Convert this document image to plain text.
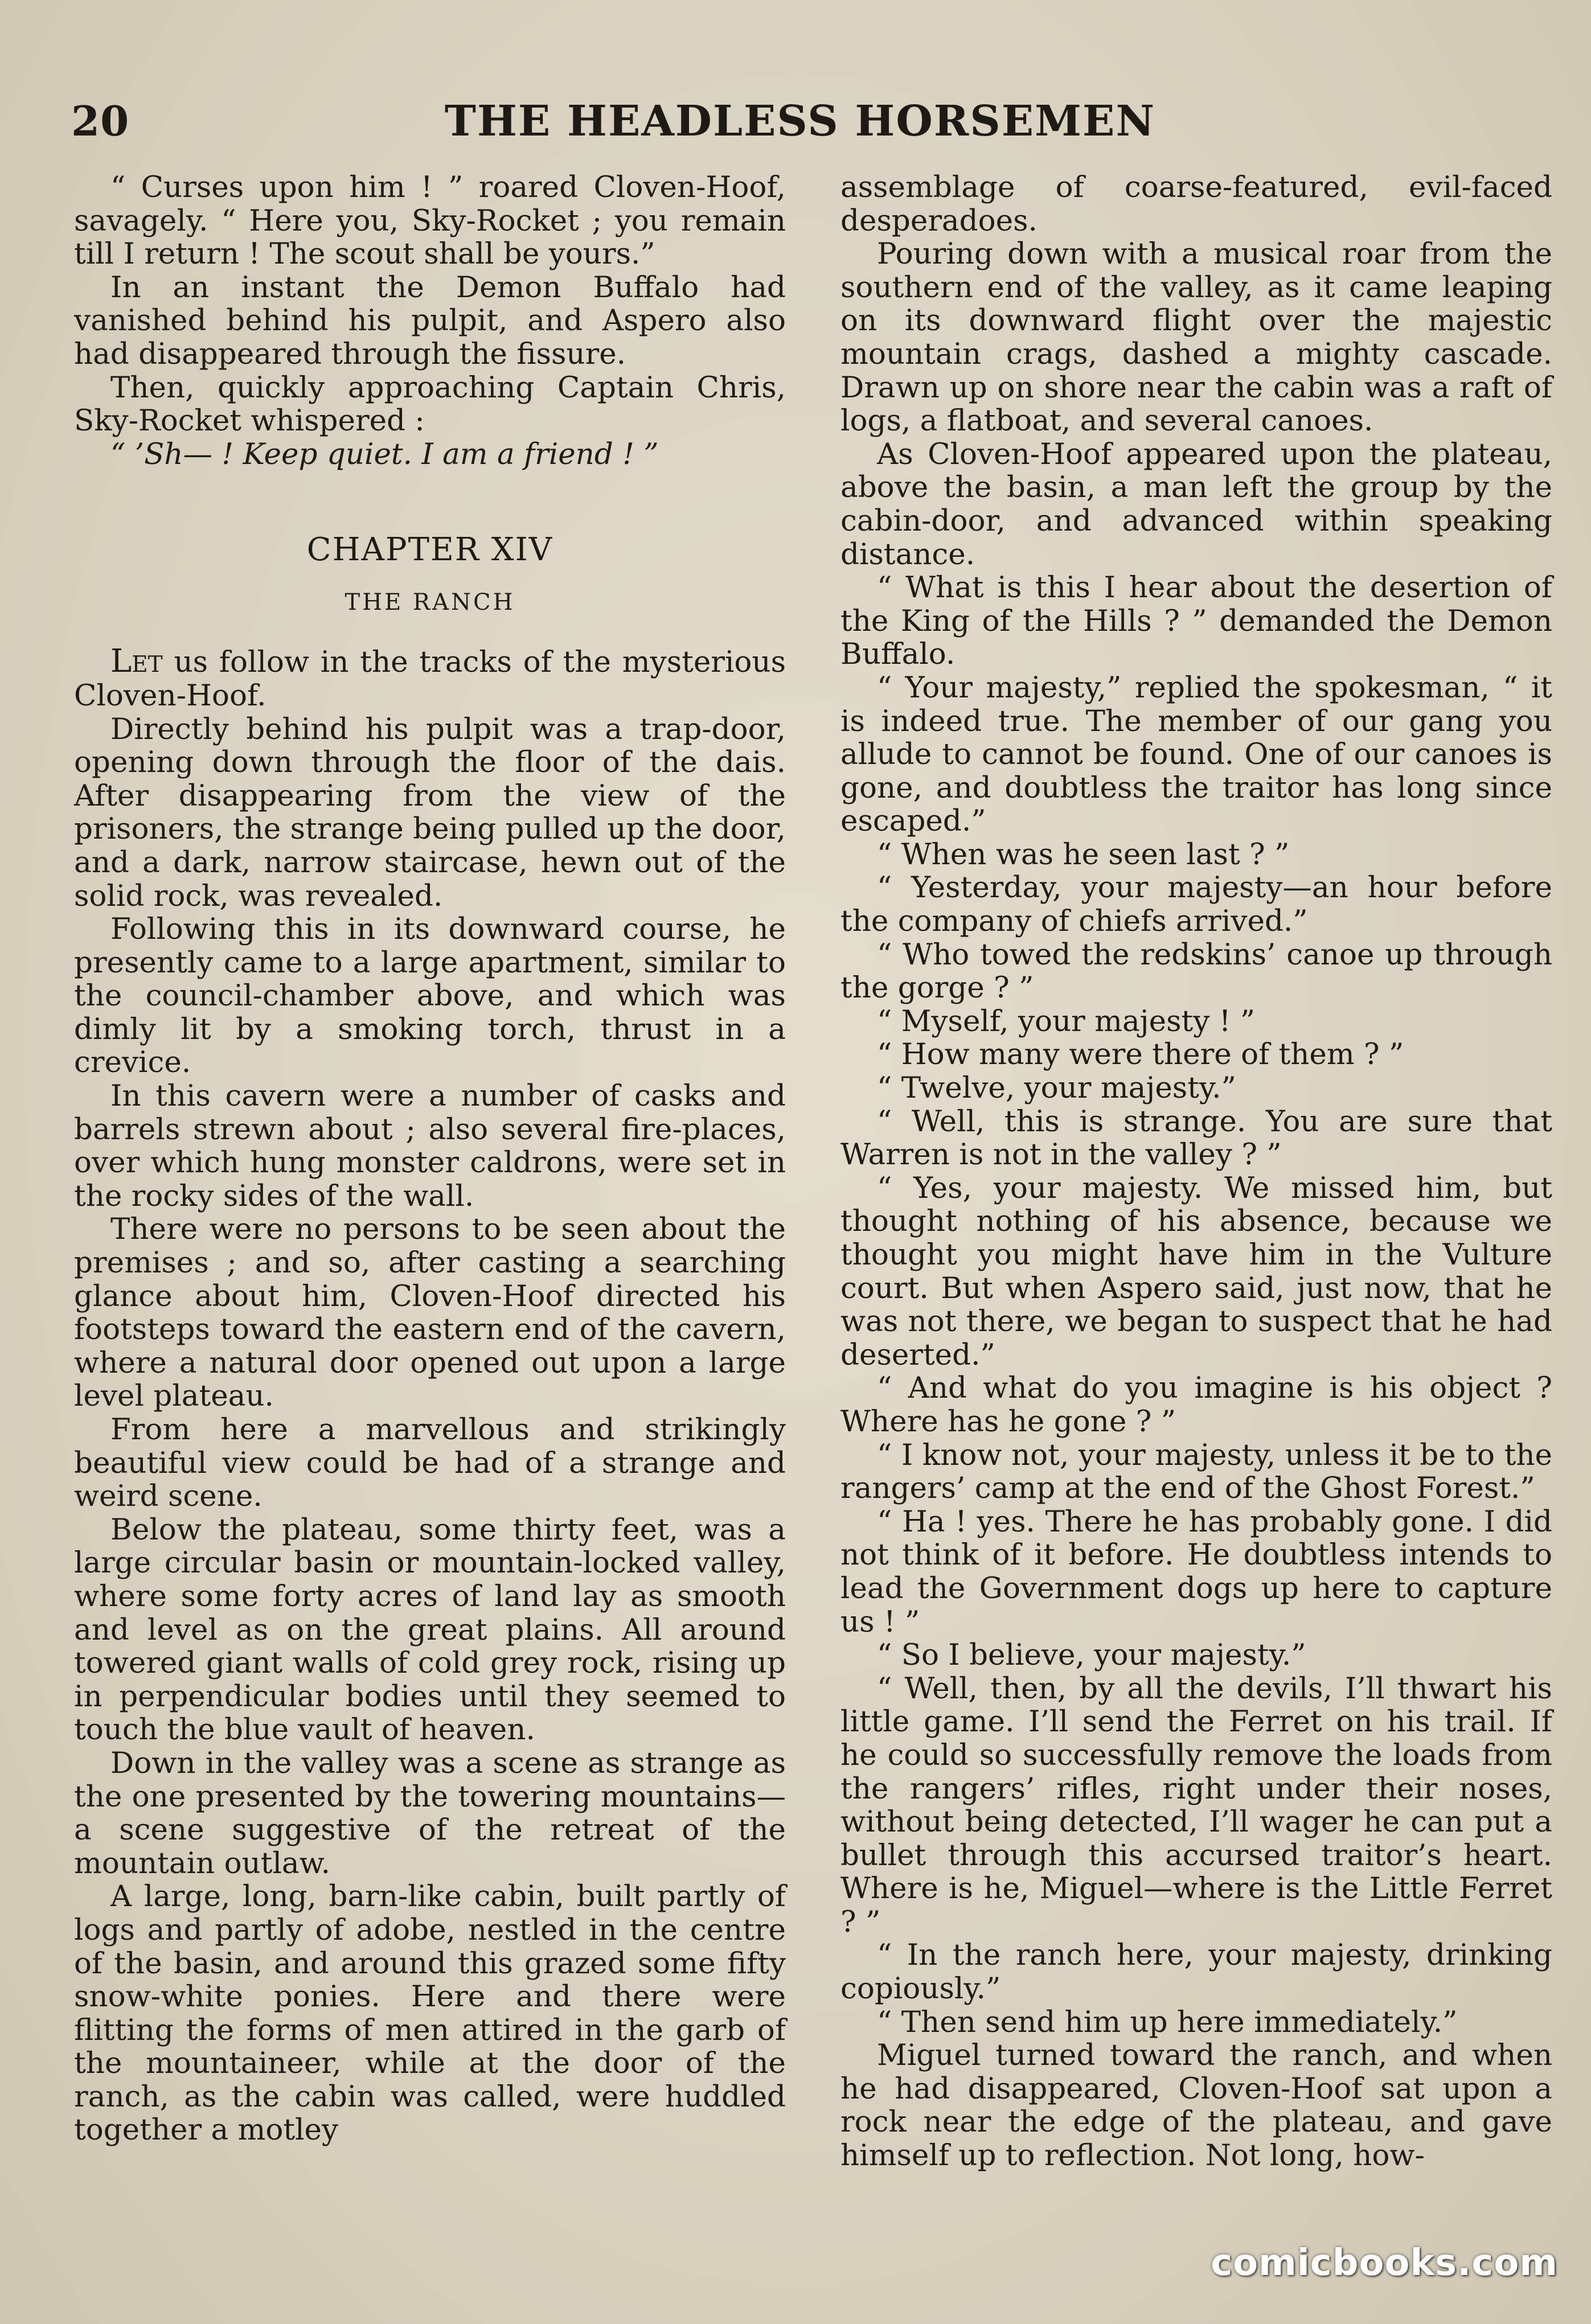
20	THE HEADLESS HORSEMEN

“ Curses upon him ! ” roared Cloven-Hoof, savagely. “ Here you, Sky-Rocket ; you remain till I return ! The scout shall be yours.”

In an instant the Demon Buffalo had vanished behind his pulpit, and Aspero also had disappeared through the fissure.

Then, quickly approaching Captain Chris, Sky-Rocket whispered :

“ ’Sh— ! Keep quiet. I am a friend ! ”

CHAPTER XIV
THE RANCH

Let us follow in the tracks of the mysterious Cloven-Hoof.

Directly behind his pulpit was a trap-door, opening down through the floor of the dais. After disappearing from the view of the prisoners, the strange being pulled up the door, and a dark, narrow staircase, hewn out of the solid rock, was revealed.

Following this in its downward course, he presently came to a large apartment, similar to the council-chamber above, and which was dimly lit by a smoking torch, thrust in a crevice.

In this cavern were a number of casks and barrels strewn about ; also several fire-places, over which hung monster caldrons, were set in the rocky sides of the wall.

There were no persons to be seen about the premises ; and so, after casting a searching glance about him, Cloven-Hoof directed his footsteps toward the eastern end of the cavern, where a natural door opened out upon a large level plateau.

From here a marvellous and strikingly beautiful view could be had of a strange and weird scene.

Below the plateau, some thirty feet, was a large circular basin or mountain-locked valley, where some forty acres of land lay as smooth and level as on the great plains. All around towered giant walls of cold grey rock, rising up in perpendicular bodies until they seemed to touch the blue vault of heaven.

Down in the valley was a scene as strange as the one presented by the towering mountains—a scene suggestive of the retreat of the mountain outlaw.

A large, long, barn-like cabin, built partly of logs and partly of adobe, nestled in the centre of the basin, and around this grazed some fifty snow-white ponies. Here and there were flitting the forms of men attired in the garb of the mountaineer, while at the door of the ranch, as the cabin was called, were huddled together a motley

assemblage of coarse-featured, evil-faced desperadoes.

Pouring down with a musical roar from the southern end of the valley, as it came leaping on its downward flight over the majestic mountain crags, dashed a mighty cascade. Drawn up on shore near the cabin was a raft of logs, a flatboat, and several canoes.

As Cloven-Hoof appeared upon the plateau, above the basin, a man left the group by the cabin-door, and advanced within speaking distance.

“ What is this I hear about the desertion of the King of the Hills ? ” demanded the Demon Buffalo.

“ Your majesty,” replied the spokesman, “ it is indeed true. The member of our gang you allude to cannot be found. One of our canoes is gone, and doubtless the traitor has long since escaped.”

“ When was he seen last ? ”

“ Yesterday, your majesty—an hour before the company of chiefs arrived.”

“ Who towed the redskins’ canoe up through the gorge ? ”

“ Myself, your majesty ! ”

“ How many were there of them ? ”

“ Twelve, your majesty.”

“ Well, this is strange. You are sure that Warren is not in the valley ? ”

“ Yes, your majesty. We missed him, but thought nothing of his absence, because we thought you might have him in the Vulture court. But when Aspero said, just now, that he was not there, we began to suspect that he had deserted.”

“ And what do you imagine is his object ? Where has he gone ? ”

“ I know not, your majesty, unless it be to the rangers’ camp at the end of the Ghost Forest.”

“ Ha ! yes. There he has probably gone. I did not think of it before. He doubtless intends to lead the Government dogs up here to capture us ! ”

“ So I believe, your majesty.”

“ Well, then, by all the devils, I’ll thwart his little game. I’ll send the Ferret on his trail. If he could so successfully remove the loads from the rangers’ rifles, right under their noses, without being detected, I’ll wager he can put a bullet through this accursed traitor’s heart. Where is he, Miguel—where is the Little Ferret ? ”

“ In the ranch here, your majesty, drinking copiously.”

“ Then send him up here immediately.”

Miguel turned toward the ranch, and when he had disappeared, Cloven-Hoof sat upon a rock near the edge of the plateau, and gave himself up to reflection. Not long, how-

comicbooks.com
